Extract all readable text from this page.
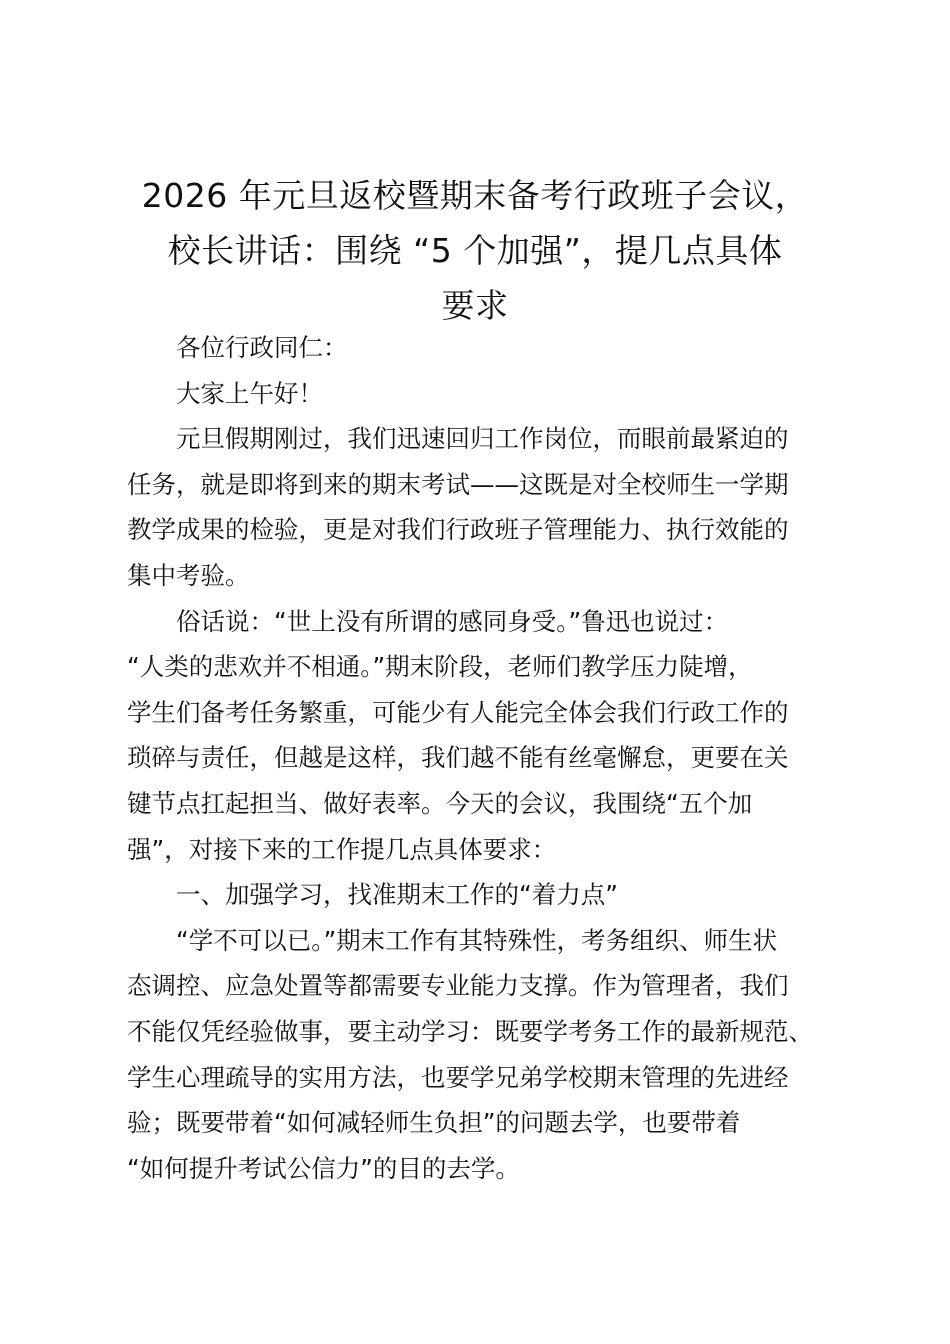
2026 年元旦返校暨期末备考行政班子会议，
校长讲话：围绕 “5 个加强”，提几点具体
要求

各位行政同仁：

大家上午好！

元旦假期刚过，我们迅速回归工作岗位，而眼前最紧迫的
任务，就是即将到来的期末考试——这既是对全校师生一学期
教学成果的检验，更是对我们行政班子管理能力、执行效能的
集中考验。

俗话说：“世上没有所谓的感同身受。”鲁迅也说过：
“人类的悲欢并不相通。”期末阶段，老师们教学压力陡增，
学生们备考任务繁重，可能少有人能完全体会我们行政工作的
琐碎与责任，但越是这样，我们越不能有丝毫懈怠，更要在关
键节点扛起担当、做好表率。今天的会议，我围绕“五个加
强”，对接下来的工作提几点具体要求：

一、加强学习，找准期末工作的“着力点”

“学不可以已。”期末工作有其特殊性，考务组织、师生状
态调控、应急处置等都需要专业能力支撑。作为管理者，我们
不能仅凭经验做事，要主动学习：既要学考务工作的最新规范、
学生心理疏导的实用方法，也要学兄弟学校期末管理的先进经
验；既要带着“如何减轻师生负担”的问题去学，也要带着
“如何提升考试公信力”的目的去学。
